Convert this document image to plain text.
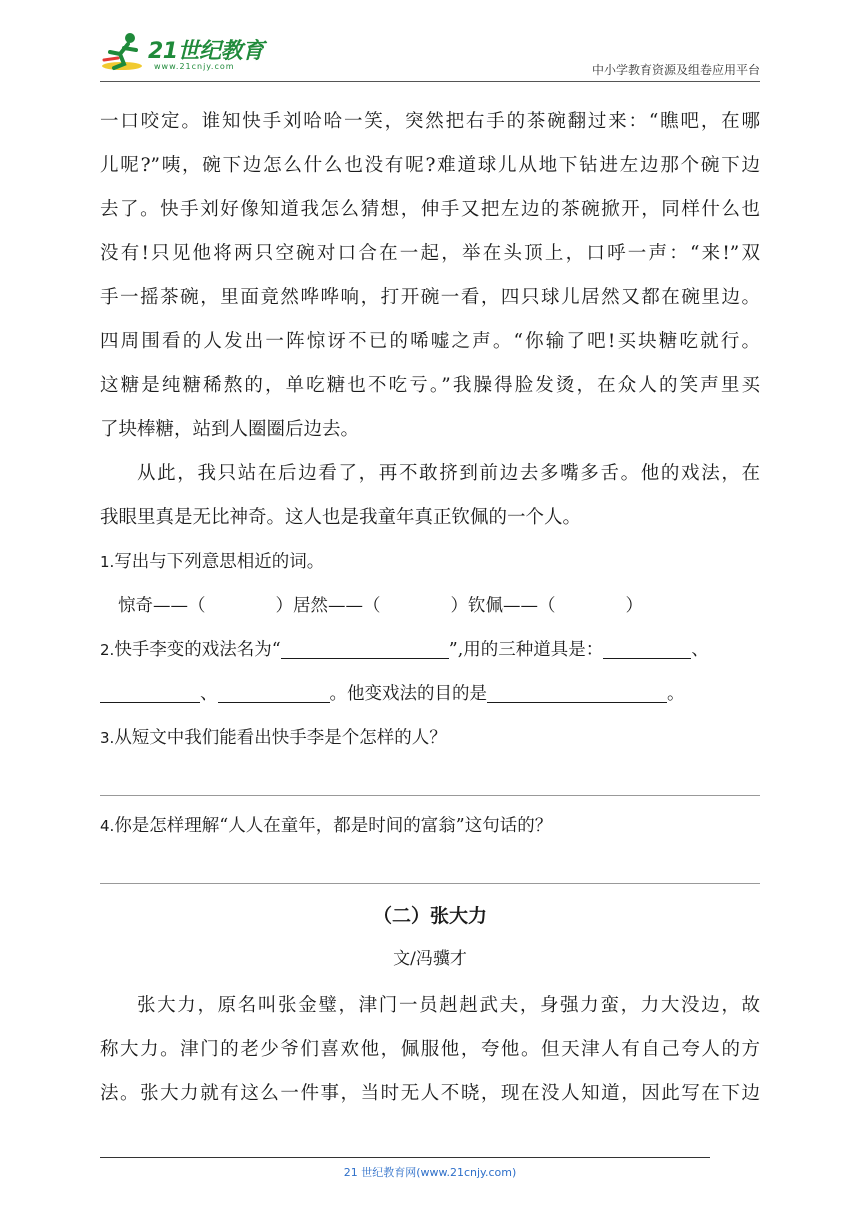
21世纪教育
www.21cnjy.com	中小学教育资源及组卷应用平台
一口咬定。谁知快手刘哈哈一笑，突然把右手的茶碗翻过来：“瞧吧，在哪
儿呢?”咦，碗下边怎么什么也没有呢?难道球儿从地下钻进左边那个碗下边
去了。快手刘好像知道我怎么猜想，伸手又把左边的茶碗掀开，同样什么也
没有!只见他将两只空碗对口合在一起，举在头顶上，口呼一声：“来!”双
手一摇茶碗，里面竟然哗哗响，打开碗一看，四只球儿居然又都在碗里边。
四周围看的人发出一阵惊讶不已的唏嘘之声。“你输了吧!买块糖吃就行。
这糖是纯糖稀熬的，单吃糖也不吃亏。”我臊得脸发烫，在众人的笑声里买
了块棒糖，站到人圈圈后边去。
从此，我只站在后边看了，再不敢挤到前边去多嘴多舌。他的戏法，在
我眼里真是无比神奇。这人也是我童年真正钦佩的一个人。
1.写出与下列意思相近的词。
惊奇——（	）居然——（	）钦佩——（	）
2.快手李变的戏法名为“	”,用的三种道具是：	、
、	。他变戏法的目的是	。
3.从短文中我们能看出快手李是个怎样的人？
4.你是怎样理解“人人在童年，都是时间的富翁”这句话的？
（二）张大力
文/冯骥才
张大力，原名叫张金璧，津门一员赳赳武夫，身强力蛮，力大没边，故
称大力。津门的老少爷们喜欢他，佩服他，夸他。但天津人有自己夸人的方
法。张大力就有这么一件事，当时无人不晓，现在没人知道，因此写在下边
21 世纪教育网(www.21cnjy.com)
